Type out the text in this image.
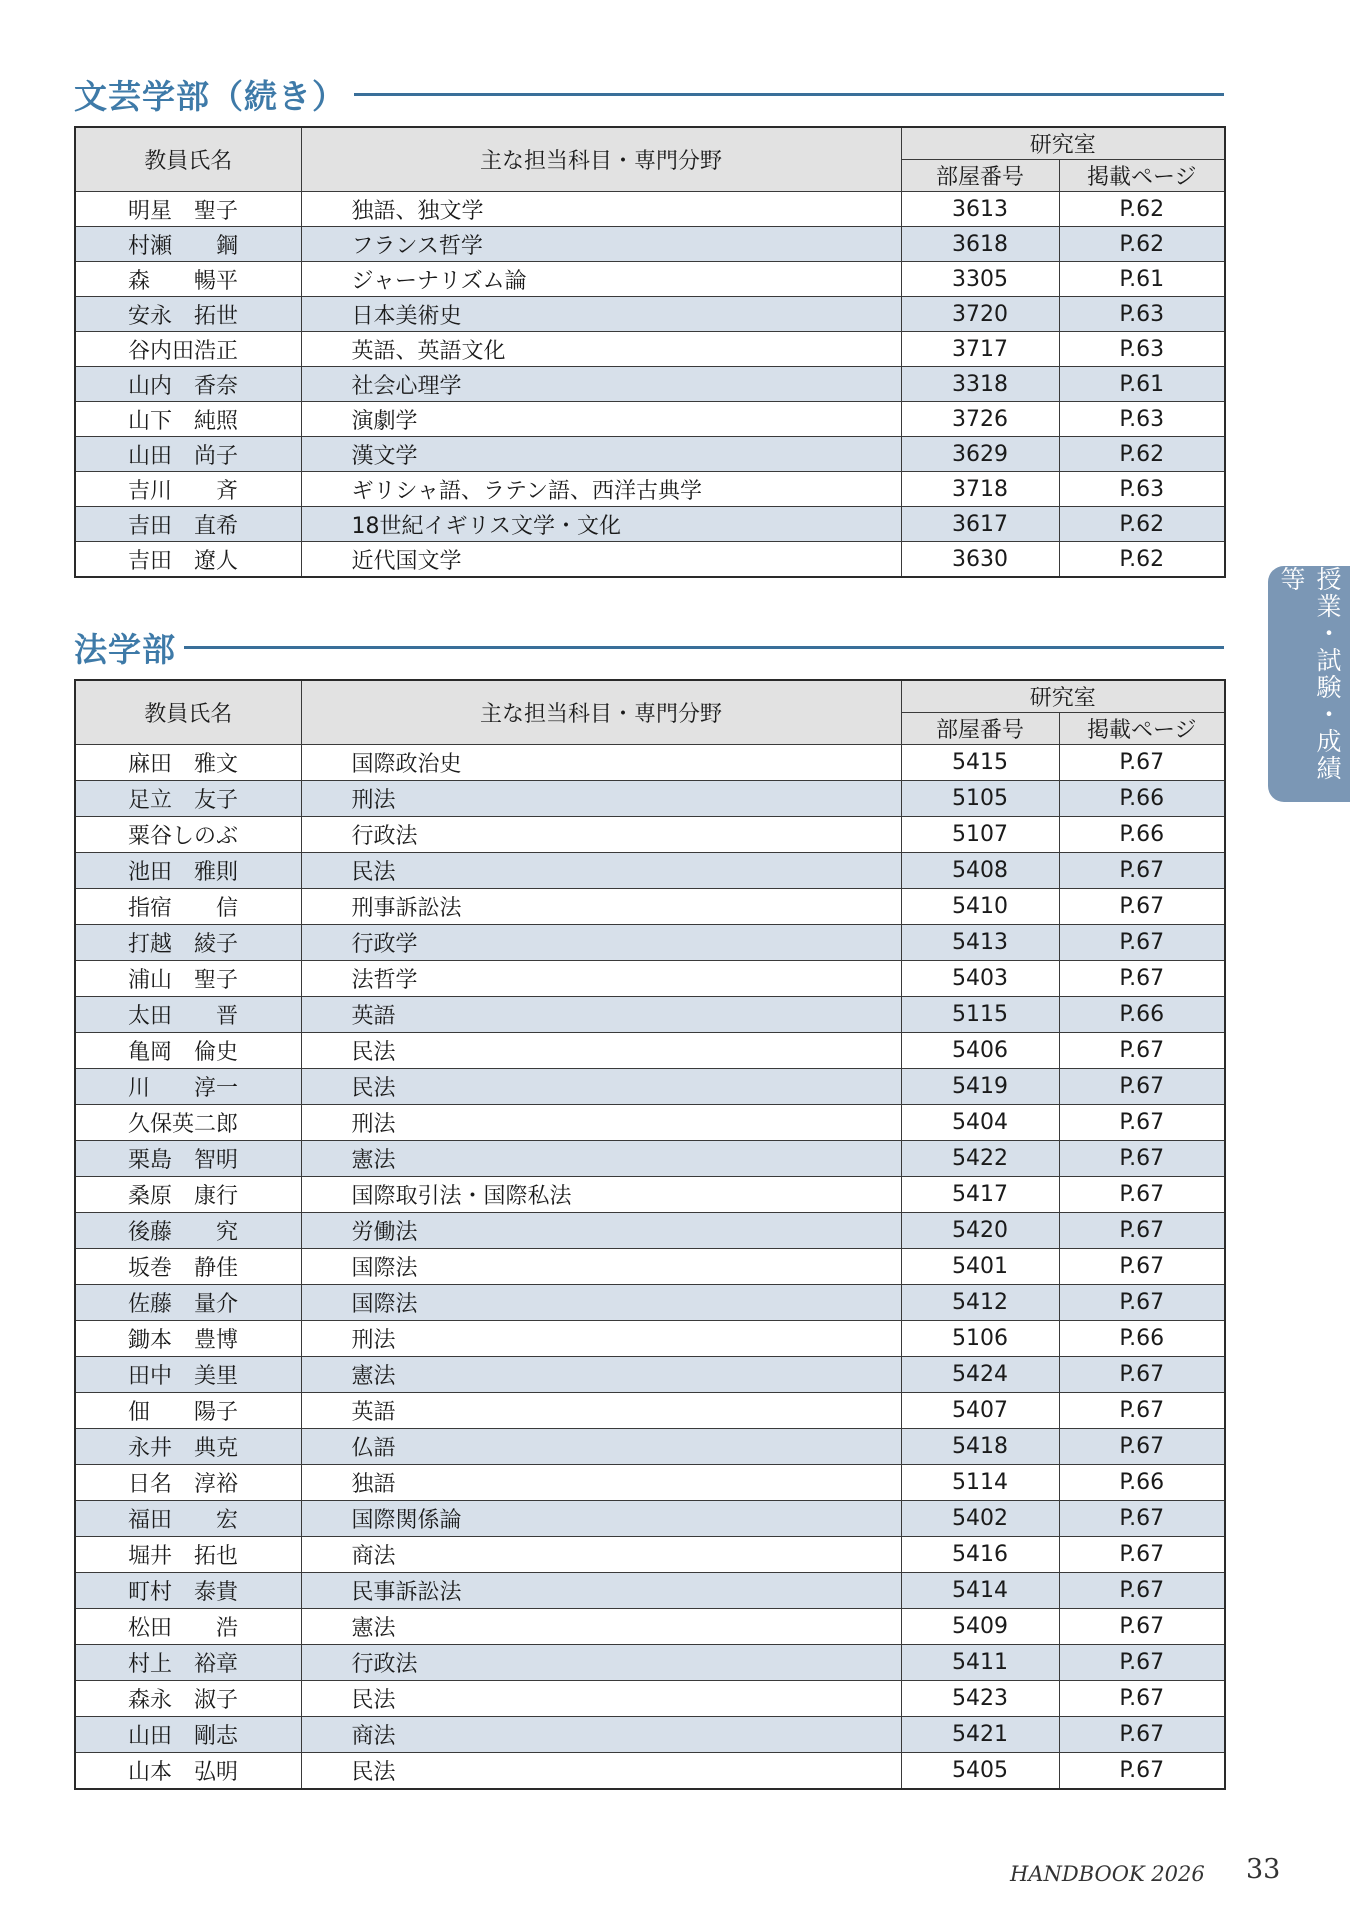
文芸学部（続き）
教員氏名	主な担当科目・専門分野	研究室	
		部屋番号	掲載ページ
明星　聖子	独語、独文学	3613	P.62
村瀬　　鋼	フランス哲学	3618	P.62
森　　暢平	ジャーナリズム論	3305	P.61
安永　拓世	日本美術史	3720	P.63
谷内田浩正	英語、英語文化	3717	P.63
山内　香奈	社会心理学	3318	P.61
山下　純照	演劇学	3726	P.63
山田　尚子	漢文学	3629	P.62
吉川　　斉	ギリシャ語、ラテン語、西洋古典学	3718	P.63
吉田　直希	18世紀イギリス文学・文化	3617	P.62
吉田　遼人	近代国文学	3630	P.62
法学部
教員氏名	主な担当科目・専門分野	研究室	
		部屋番号	掲載ページ
麻田　雅文	国際政治史	5415	P.67
足立　友子	刑法	5105	P.66
粟谷しのぶ	行政法	5107	P.66
池田　雅則	民法	5408	P.67
指宿　　信	刑事訴訟法	5410	P.67
打越　綾子	行政学	5413	P.67
浦山　聖子	法哲学	5403	P.67
太田　　晋	英語	5115	P.66
亀岡　倫史	民法	5406	P.67
川　　淳一	民法	5419	P.67
久保英二郎	刑法	5404	P.67
栗島　智明	憲法	5422	P.67
桑原　康行	国際取引法・国際私法	5417	P.67
後藤　　究	労働法	5420	P.67
坂巻　静佳	国際法	5401	P.67
佐藤　量介	国際法	5412	P.67
鋤本　豊博	刑法	5106	P.66
田中　美里	憲法	5424	P.67
佃　　陽子	英語	5407	P.67
永井　典克	仏語	5418	P.67
日名　淳裕	独語	5114	P.66
福田　　宏	国際関係論	5402	P.67
堀井　拓也	商法	5416	P.67
町村　泰貴	民事訴訟法	5414	P.67
松田　　浩	憲法	5409	P.67
村上　裕章	行政法	5411	P.67
森永　淑子	民法	5423	P.67
山田　剛志	商法	5421	P.67
山本　弘明	民法	5405	P.67
授業・試験・成績等
HANDBOOK 2026 33
